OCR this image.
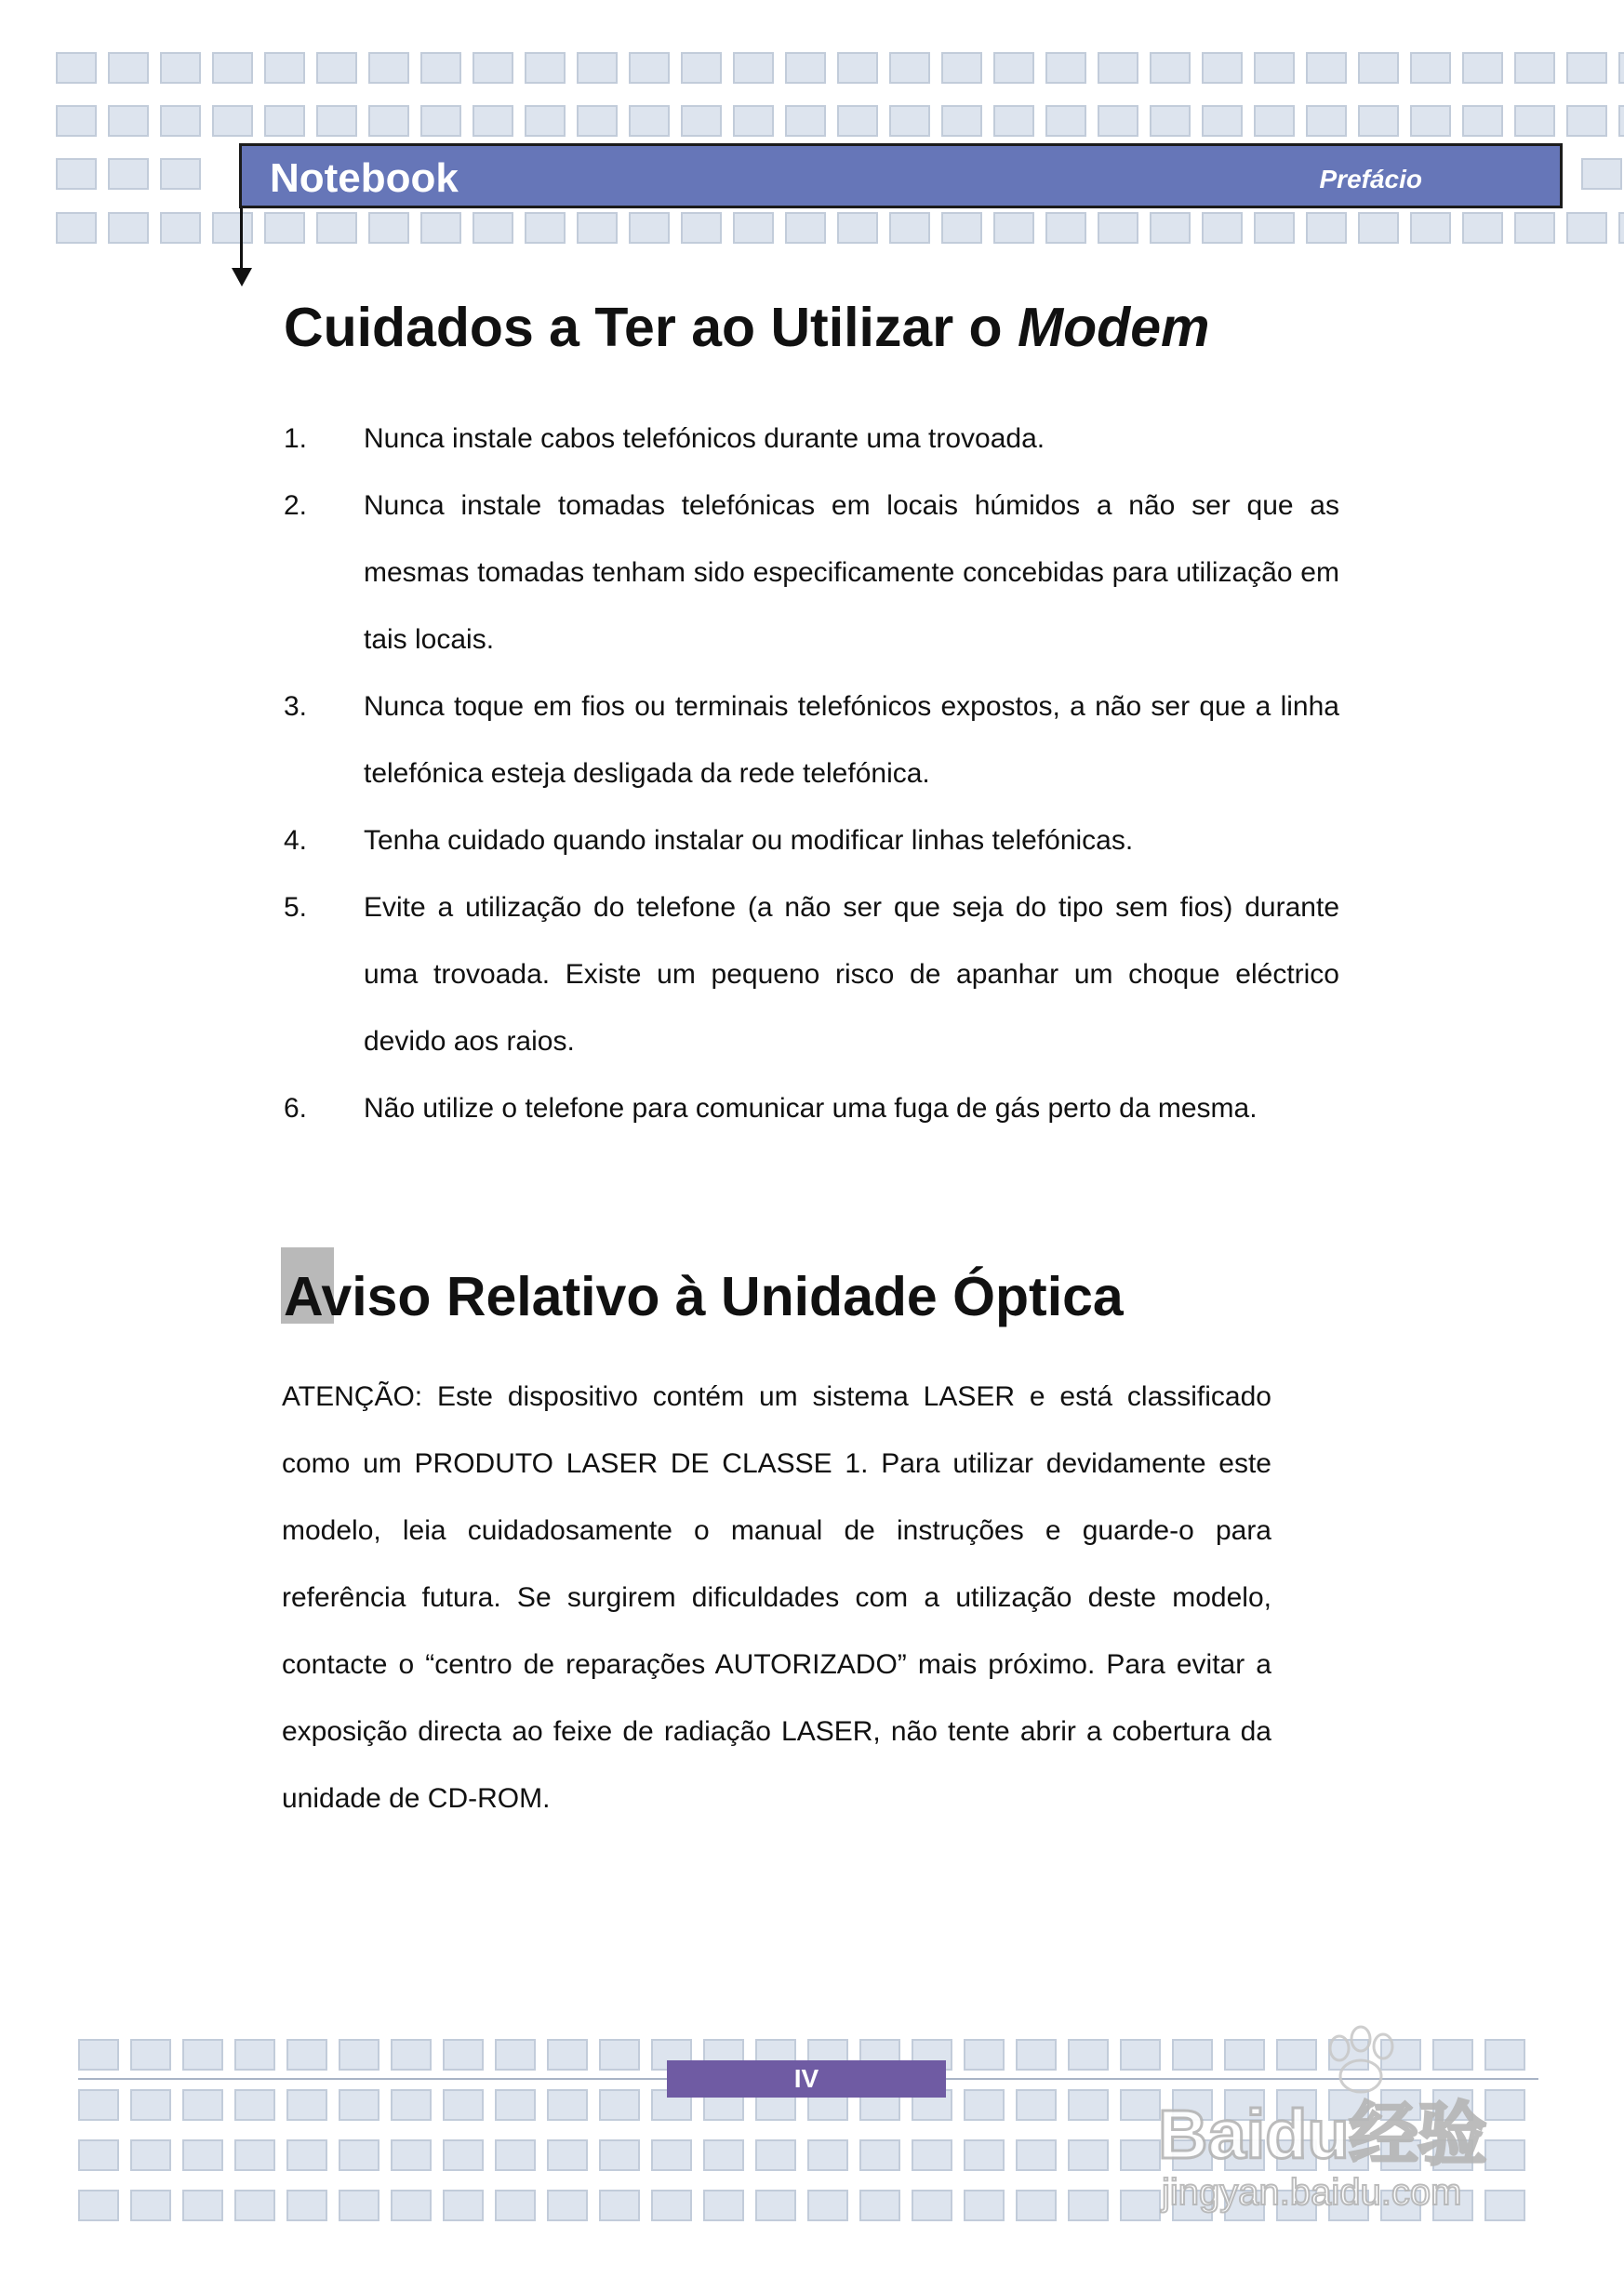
Notebook	Prefácio
Cuidados a Ter ao Utilizar o Modem
1. Nunca instale cabos telefónicos durante uma trovoada.
2. Nunca instale tomadas telefónicas em locais húmidos a não ser que as mesmas tomadas tenham sido especificamente concebidas para utilização em tais locais.
3. Nunca toque em fios ou terminais telefónicos expostos, a não ser que a linha telefónica esteja desligada da rede telefónica.
4. Tenha cuidado quando instalar ou modificar linhas telefónicas.
5. Evite a utilização do telefone (a não ser que seja do tipo sem fios) durante uma trovoada. Existe um pequeno risco de apanhar um choque eléctrico devido aos raios.
6. Não utilize o telefone para comunicar uma fuga de gás perto da mesma.
Aviso Relativo à Unidade Óptica

ATENÇÃO: Este dispositivo contém um sistema LASER e está classificado como um PRODUTO LASER DE CLASSE 1. Para utilizar devidamente este modelo, leia cuidadosamente o manual de instruções e guarde-o para referência futura. Se surgirem dificuldades com a utilização deste modelo, contacte o “centro de reparações AUTORIZADO” mais próximo. Para evitar a exposição directa ao feixe de radiação LASER, não tente abrir a cobertura da unidade de CD-ROM.

IV
Baidu经验
jingyan.baidu.com
